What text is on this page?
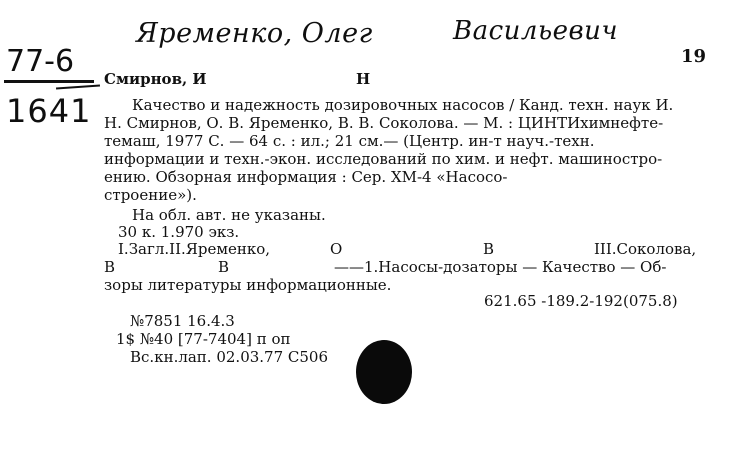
Яременко, Олег	Васильевич
77-6
1641
19
Смирнов, И	Н
Качество и надежность дозировочных насосов / Канд. техн. наук И.
Н. Смирнов, О. В. Яременко, В. В. Соколова. — М. : ЦИНТИхимнефте-
темаш, 1977 С. — 64 с. : ил.; 21 см.— (Центр. ин-т науч.-техн.
информации и техн.-экон. исследований по хим. и нефт. машиностро-
ению. Обзорная информация : Сер. ХМ-4 «Насосо-
строение»).
На обл. авт. не указаны.
30 к. 1.970 экз.
I.Загл.II.Яременко,	О	В	III.Соколова,
В	В	——1.Насосы-дозаторы — Качество — Об-
зоры литературы информационные.
621.65 -189.2-192(075.8)
№7851 16.4.3
1$ №40 [77-7404] п оп
Вс.кн.лап. 02.03.77 С506
